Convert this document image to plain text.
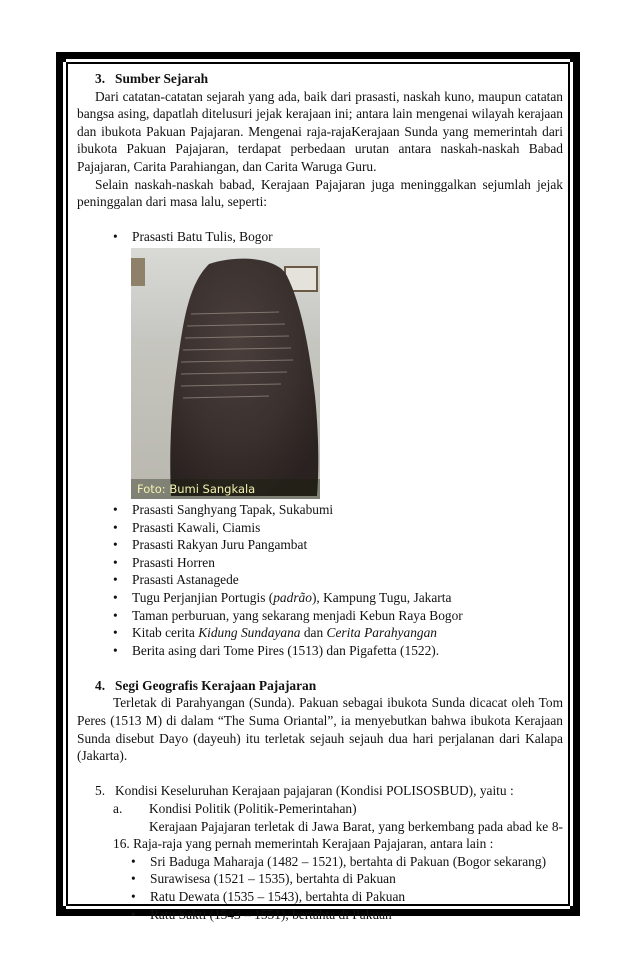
3. Sumber Sejarah

Dari catatan-catatan sejarah yang ada, baik dari prasasti, naskah kuno, maupun catatan bangsa asing, dapatlah ditelusuri jejak kerajaan ini; antara lain mengenai wilayah kerajaan dan ibukota Pakuan Pajajaran. Mengenai raja-rajaKerajaan Sunda yang memerintah dari ibukota Pakuan Pajajaran, terdapat perbedaan urutan antara naskah-naskah Babad Pajajaran, Carita Parahiangan, dan Carita Waruga Guru.

Selain naskah-naskah babad, Kerajaan Pajajaran juga meninggalkan sejumlah jejak peninggalan dari masa lalu, seperti:

• Prasasti Batu Tulis, Bogor
Foto: Bumi Sangkala
• Prasasti Sanghyang Tapak, Sukabumi
• Prasasti Kawali, Ciamis
• Prasasti Rakyan Juru Pangambat
• Prasasti Horren
• Prasasti Astanagede
• Tugu Perjanjian Portugis (padrão), Kampung Tugu, Jakarta
• Taman perburuan, yang sekarang menjadi Kebun Raya Bogor
• Kitab cerita Kidung Sundayana dan Cerita Parahyangan
• Berita asing dari Tome Pires (1513) dan Pigafetta (1522).
4. Segi Geografis Kerajaan Pajajaran

Terletak di Parahyangan (Sunda). Pakuan sebagai ibukota Sunda dicacat oleh Tom Peres (1513 M) di dalam “The Suma Oriantal”, ia menyebutkan bahwa ibukota Kerajaan Sunda disebut Dayo (dayeuh) itu terletak sejauh sejauh dua hari perjalanan dari Kalapa (Jakarta).

5. Kondisi Keseluruhan Kerajaan pajajaran (Kondisi POLISOSBUD), yaitu :
a. Kondisi Politik (Politik-Pemerintahan)

Kerajaan Pajajaran terletak di Jawa Barat, yang berkembang pada abad ke 8-16. Raja-raja yang pernah memerintah Kerajaan Pajajaran, antara lain :

• Sri Baduga Maharaja (1482 – 1521), bertahta di Pakuan (Bogor sekarang)
• Surawisesa (1521 – 1535), bertahta di Pakuan
• Ratu Dewata (1535 – 1543), bertahta di Pakuan
• Ratu Sakti (1543 – 1551), bertahta di Pakuan
